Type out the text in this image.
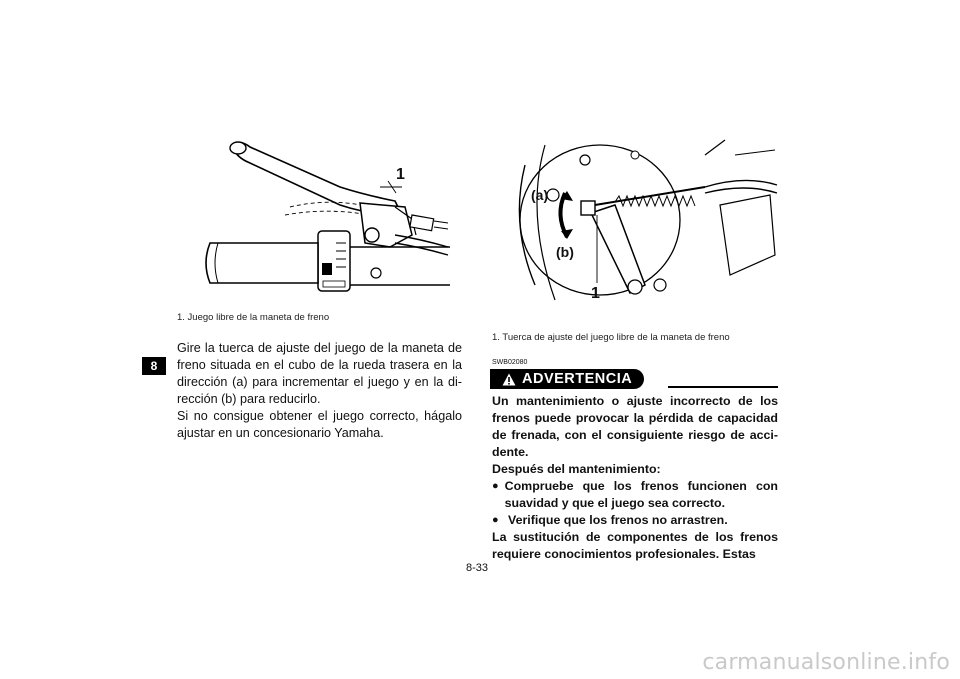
8
1
1. Juego libre de la maneta de freno
Gire la tuerca de ajuste del juego de la maneta de freno situada en el cubo de la rueda trasera en la dirección (a) para incrementar el juego y en la di-rección (b) para reducirlo.
Si no consigue obtener el juego correcto, hágalo ajustar en un concesionario Yamaha.
(a)
(b)
1
1. Tuerca de ajuste del juego libre de la maneta de freno
SWB02080
ADVERTENCIA
Un mantenimiento o ajuste incorrecto de los frenos puede provocar la pérdida de capacidad de frenada, con el consiguiente riesgo de acci-dente.
Después del mantenimiento:
● Compruebe que los frenos funcionen con suavidad y que el juego sea correcto.
● Verifique que los frenos no arrastren.
La sustitución de componentes de los frenos requiere conocimientos profesionales. Estas
8-33
carmanualsonline.info
